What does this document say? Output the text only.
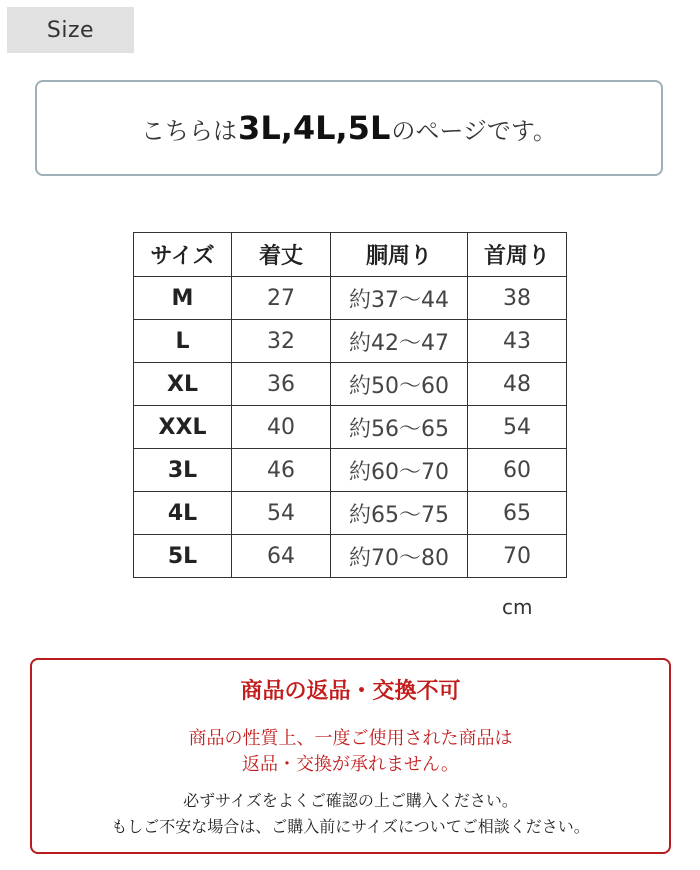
Size
こちらは 3L,4L,5L のページです。
サイズ	着丈	胴周り	首周り
M	27	約37～44	38
L	32	約42～47	43
XL	36	約50～60	48
XXL	40	約56～65	54
3L	46	約60～70	60
4L	54	約65～75	65
5L	64	約70～80	70
cm
商品の返品・交換不可
商品の性質上、一度ご使用された商品は
返品・交換が承れません。
必ずサイズをよくご確認の上ご購入ください。
もしご不安な場合は、ご購入前にサイズについてご相談ください。
